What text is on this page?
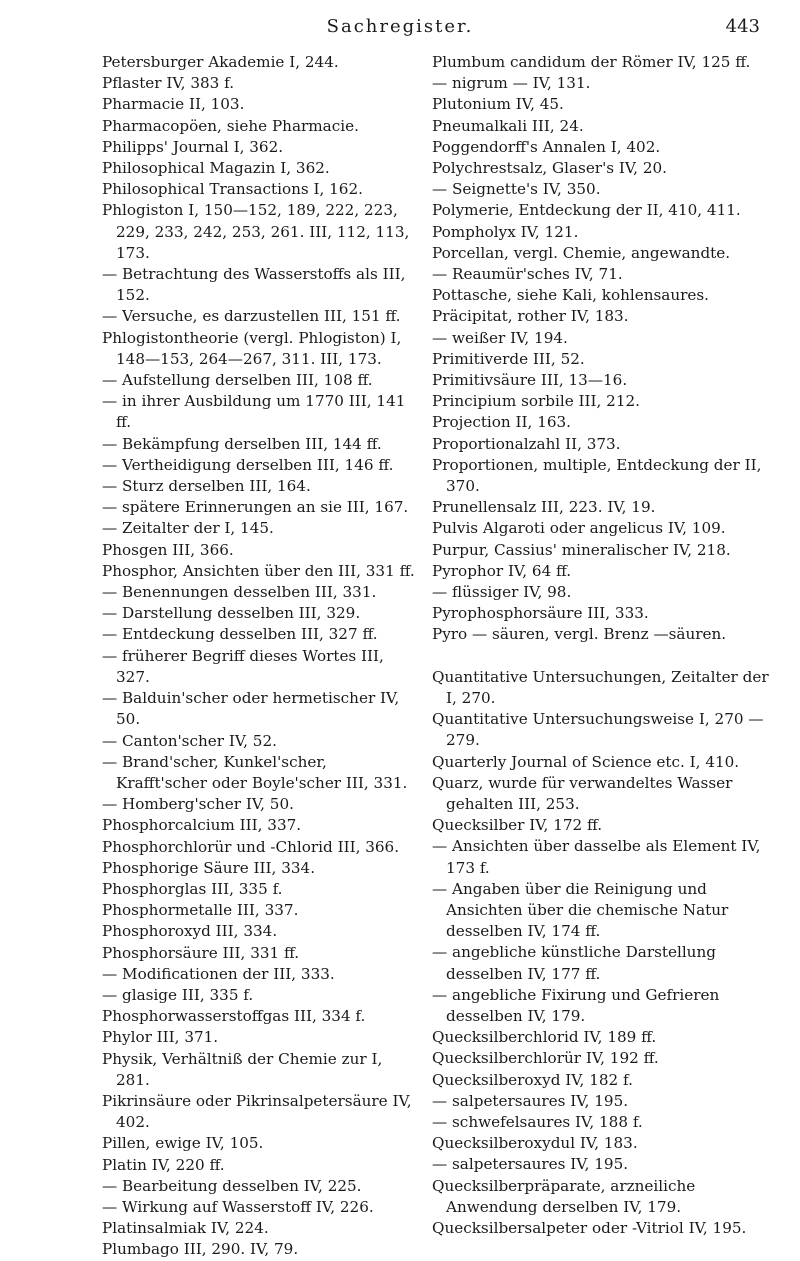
Sachregister.	443

Petersburger Akademie I, 244.

Pflaster IV, 383 f.

Pharmacie II, 103.

Pharmacopöen, siehe Pharmacie.

Philipps' Journal I, 362.

Philosophical Magazin I, 362.

Philosophical Transactions I, 162.

Phlogiston I, 150—152, 189, 222, 223, 229, 233, 242, 253, 261. III, 112, 113, 173.

— Betrachtung des Wasserstoffs als III, 152.

— Versuche, es darzustellen III, 151 ff.

Phlogistontheorie (vergl. Phlogiston) I, 148—153, 264—267, 311. III, 173.

— Aufstellung derselben III, 108 ff.

— in ihrer Ausbildung um 1770 III, 141 ff.

— Bekämpfung derselben III, 144 ff.

— Vertheidigung derselben III, 146 ff.

— Sturz derselben III, 164.

— spätere Erinnerungen an sie III, 167.

— Zeitalter der I, 145.

Phosgen III, 366.

Phosphor, Ansichten über den III, 331 ff.

— Benennungen desselben III, 331.

— Darstellung desselben III, 329.

— Entdeckung desselben III, 327 ff.

— früherer Begriff dieses Wortes III, 327.

— Balduin'scher oder hermetischer IV, 50.

— Canton'scher IV, 52.

— Brand'scher, Kunkel'scher, Krafft'scher oder Boyle'scher III, 331.

— Homberg'scher IV, 50.

Phosphorcalcium III, 337.

Phosphorchlorür und -Chlorid III, 366.

Phosphorige Säure III, 334.

Phosphorglas III, 335 f.

Phosphormetalle III, 337.

Phosphoroxyd III, 334.

Phosphorsäure III, 331 ff.

— Modificationen der III, 333.

— glasige III, 335 f.

Phosphorwasserstoffgas III, 334 f.

Phylor III, 371.

Physik, Verhältniß der Chemie zur I, 281.

Pikrinsäure oder Pikrinsalpetersäure IV, 402.

Pillen, ewige IV, 105.

Platin IV, 220 ff.

— Bearbeitung desselben IV, 225.

— Wirkung auf Wasserstoff IV, 226.

Platinsalmiak IV, 224.

Plumbago III, 290. IV, 79.

Plumbum candidum der Römer IV, 125 ff.

— nigrum — IV, 131.

Plutonium IV, 45.

Pneumalkali III, 24.

Poggendorff's Annalen I, 402.

Polychrestsalz, Glaser's IV, 20.

— Seignette's IV, 350.

Polymerie, Entdeckung der II, 410, 411.

Pompholyx IV, 121.

Porcellan, vergl. Chemie, angewandte.

— Reaumür'sches IV, 71.

Pottasche, siehe Kali, kohlensaures.

Präcipitat, rother IV, 183.

— weißer IV, 194.

Primitiverde III, 52.

Primitivsäure III, 13—16.

Principium sorbile III, 212.

Projection II, 163.

Proportionalzahl II, 373.

Proportionen, multiple, Entdeckung der II, 370.

Prunellensalz III, 223. IV, 19.

Pulvis Algaroti oder angelicus IV, 109.

Purpur, Cassius' mineralischer IV, 218.

Pyrophor IV, 64 ff.

— flüssiger IV, 98.

Pyrophosphorsäure III, 333.

Pyro — säuren, vergl. Brenz —säuren.

Quantitative Untersuchungen, Zeitalter der I, 270.

Quantitative Untersuchungsweise I, 270 — 279.

Quarterly Journal of Science etc. I, 410.

Quarz, wurde für verwandeltes Wasser gehalten III, 253.

Quecksilber IV, 172 ff.

— Ansichten über dasselbe als Element IV, 173 f.

— Angaben über die Reinigung und Ansichten über die chemische Natur desselben IV, 174 ff.

— angebliche künstliche Darstellung desselben IV, 177 ff.

— angebliche Fixirung und Gefrieren desselben IV, 179.

Quecksilberchlorid IV, 189 ff.

Quecksilberchlorür IV, 192 ff.

Quecksilberoxyd IV, 182 f.

— salpetersaures IV, 195.

— schwefelsaures IV, 188 f.

Quecksilberoxydul IV, 183.

— salpetersaures IV, 195.

Quecksilberpräparate, arzneiliche Anwendung derselben IV, 179.

Quecksilbersalpeter oder -Vitriol IV, 195.
